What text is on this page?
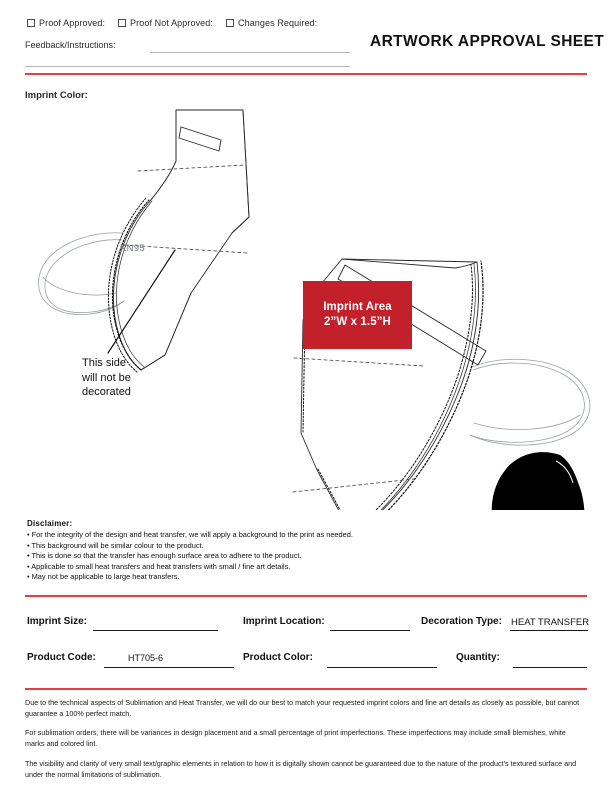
Proof Approved:	Proof Not Approved:	Changes Required:
Feedback/Instructions:	ARTWORK APPROVAL SHEET
Imprint Color:
Imprint Area
2”W x 1.5”H
KN95
This side
will not be
decorated
Disclaimer:
• For the integrity of the design and heat transfer, we will apply a background to the print as needed.
• This background will be similar colour to the product.
• This is done so that the transfer has enough surface area to adhere to the product.
• Applicable to small heat transfers and heat transfers with small / fine art details.
• May not be applicable to large heat transfers.
Imprint Size:	Imprint Location:	Decoration Type: HEAT TRANSFER
Product Code:	HT705-6	Product Color:	Quantity:

Due to the technical aspects of Sublimation and Heat Transfer, we will do our best to match your requested imprint colors and fine art details as closely as possible, but cannot guarantee a 100% perfect match.

For sublimation orders, there will be variances in design placement and a small percentage of print imperfections. These imperfections may include small blemishes, white marks and colored lint.

The visibility and clarity of very small text/graphic elements in relation to how it is digitally shown cannot be guaranteed due to the nature of the product's textured surface and under the normal limitations of sublimation.
